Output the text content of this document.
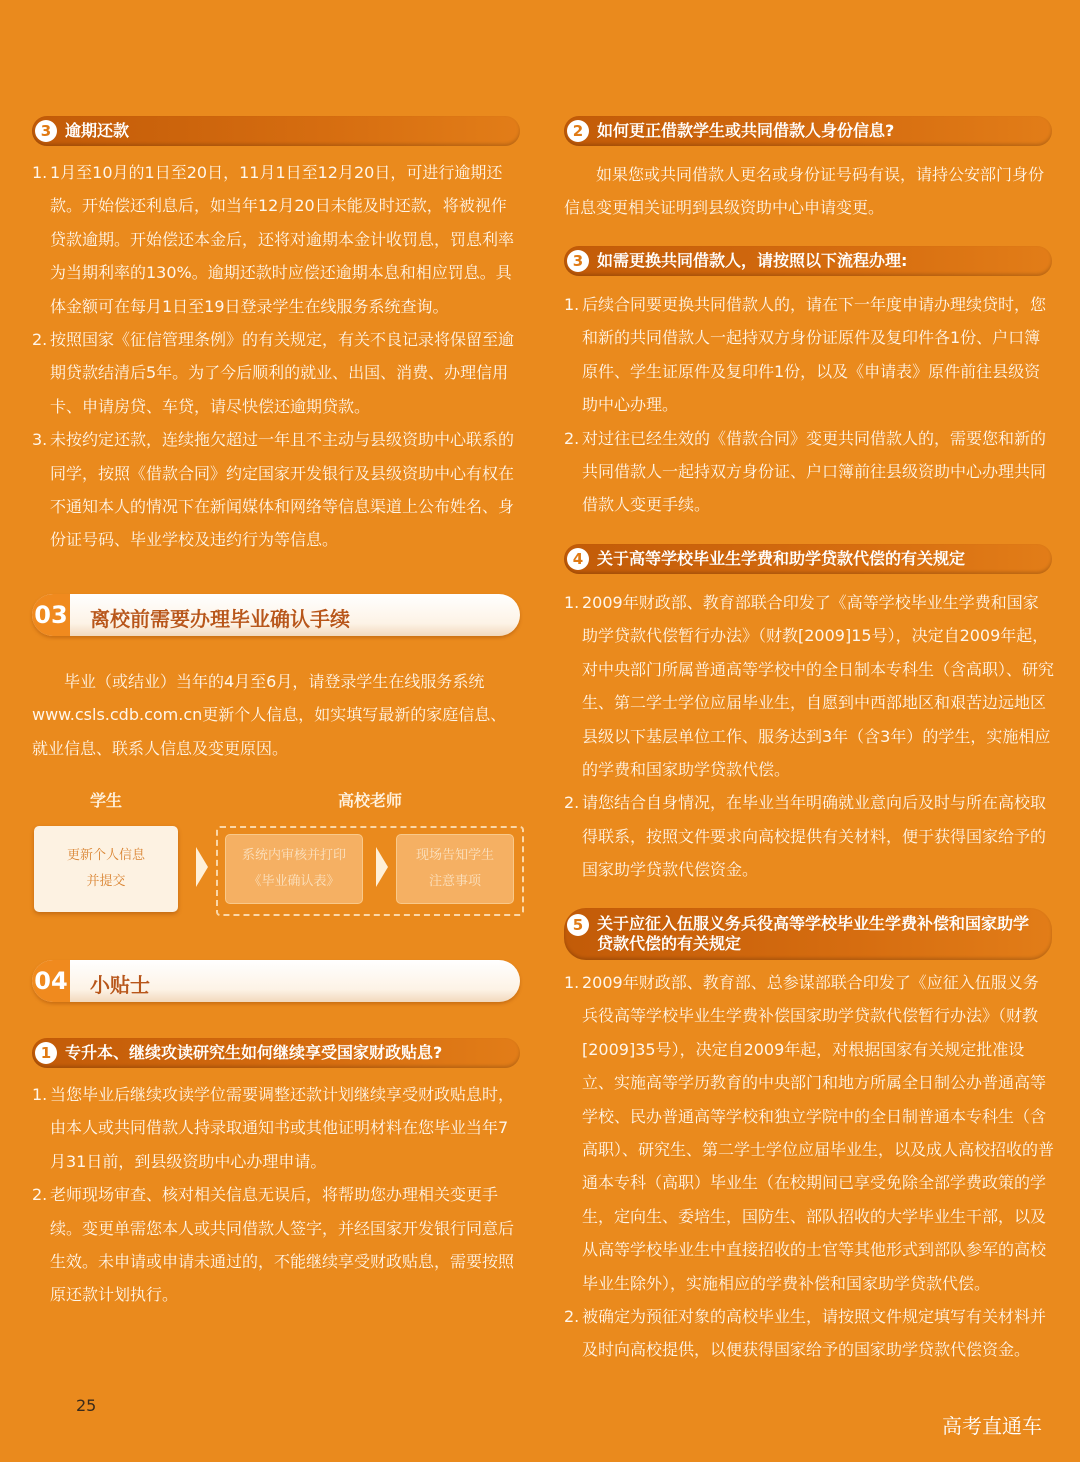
3 逾期还款
1. 1月至10月的1日至20日，11月1日至12月20日，可进行逾期还款。开始偿还利息后，如当年12月20日未能及时还款，将被视作贷款逾期。开始偿还本金后，还将对逾期本金计收罚息，罚息利率为当期利率的130%。逾期还款时应偿还逾期本息和相应罚息。具体金额可在每月1日至19日登录学生在线服务系统查询。
2. 按照国家《征信管理条例》的有关规定，有关不良记录将保留至逾期贷款结清后5年。为了今后顺利的就业、出国、消费、办理信用卡、申请房贷、车贷，请尽快偿还逾期贷款。
3. 未按约定还款，连续拖欠超过一年且不主动与县级资助中心联系的同学，按照《借款合同》约定国家开发银行及县级资助中心有权在不通知本人的情况下在新闻媒体和网络等信息渠道上公布姓名、身份证号码、毕业学校及违约行为等信息。
03 离校前需要办理毕业确认手续
毕业（或结业）当年的4月至6月，请登录学生在线服务系统www.csls.cdb.com.cn更新个人信息，如实填写最新的家庭信息、就业信息、联系人信息及变更原因。
学生	高校老师
更新个人信息
并提交
系统内审核并打印
《毕业确认表》
现场告知学生
注意事项
04 小贴士
1 专升本、继续攻读研究生如何继续享受国家财政贴息?
1. 当您毕业后继续攻读学位需要调整还款计划继续享受财政贴息时，由本人或共同借款人持录取通知书或其他证明材料在您毕业当年7月31日前，到县级资助中心办理申请。
2. 老师现场审查、核对相关信息无误后，将帮助您办理相关变更手续。变更单需您本人或共同借款人签字，并经国家开发银行同意后生效。未申请或申请未通过的，不能继续享受财政贴息，需要按照原还款计划执行。
2 如何更正借款学生或共同借款人身份信息?
如果您或共同借款人更名或身份证号码有误，请持公安部门身份信息变更相关证明到县级资助中心申请变更。
3 如需更换共同借款人，请按照以下流程办理:
1. 后续合同要更换共同借款人的，请在下一年度申请办理续贷时，您和新的共同借款人一起持双方身份证原件及复印件各1份、户口簿原件、学生证原件及复印件1份，以及《申请表》原件前往县级资助中心办理。
2. 对过往已经生效的《借款合同》变更共同借款人的，需要您和新的共同借款人一起持双方身份证、户口簿前往县级资助中心办理共同借款人变更手续。
4 关于高等学校毕业生学费和助学贷款代偿的有关规定
1. 2009年财政部、教育部联合印发了《高等学校毕业生学费和国家助学贷款代偿暂行办法》（财教[2009]15号），决定自2009年起，对中央部门所属普通高等学校中的全日制本专科生（含高职）、研究生、第二学士学位应届毕业生，自愿到中西部地区和艰苦边远地区县级以下基层单位工作、服务达到3年（含3年）的学生，实施相应的学费和国家助学贷款代偿。
2. 请您结合自身情况，在毕业当年明确就业意向后及时与所在高校取得联系，按照文件要求向高校提供有关材料，便于获得国家给予的国家助学贷款代偿资金。
5 关于应征入伍服义务兵役高等学校毕业生学费补偿和国家助学贷款代偿的有关规定
1. 2009年财政部、教育部、总参谋部联合印发了《应征入伍服义务兵役高等学校毕业生学费补偿国家助学贷款代偿暂行办法》（财教[2009]35号），决定自2009年起，对根据国家有关规定批准设立、实施高等学历教育的中央部门和地方所属全日制公办普通高等学校、民办普通高等学校和独立学院中的全日制普通本专科生（含高职）、研究生、第二学士学位应届毕业生，以及成人高校招收的普通本专科（高职）毕业生（在校期间已享受免除全部学费政策的学生，定向生、委培生，国防生、部队招收的大学毕业生干部，以及从高等学校毕业生中直接招收的士官等其他形式到部队参军的高校毕业生除外），实施相应的学费补偿和国家助学贷款代偿。
2. 被确定为预征对象的高校毕业生，请按照文件规定填写有关材料并及时向高校提供，以便获得国家给予的国家助学贷款代偿资金。
25
高考直通车
